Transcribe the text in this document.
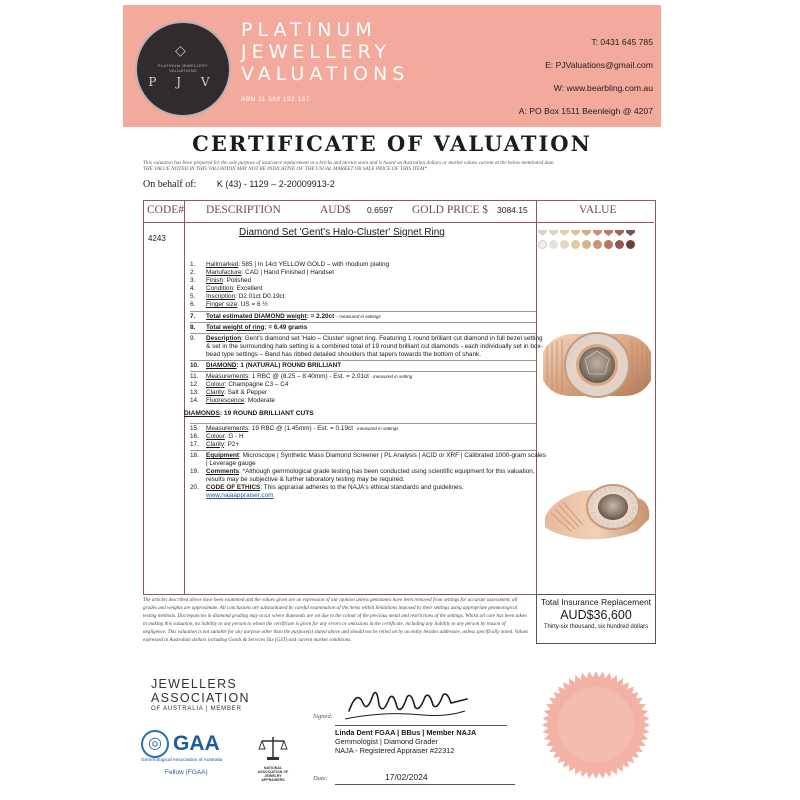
◇
PLATINUM JEWELLERY VALUATIONS
P J V
PLATINUM
JEWELLERY
VALUATIONS
ABN 11 569 192 137
T: 0431 645 785
E: PJValuations@gmail.com
W: www.bearbling.com.au
A: PO Box 1511 Beenleigh @ 4207
CERTIFICATE OF VALUATION
This valuation has been prepared for the sole purpose of insurance replacement at a bricks and mortar store and is based on Australian dollars or market values current at the below mentioned date.
THE VALUE NOTED IN THIS VALUATION MAY NOT BE INDICATIVE OF THE USUAL MARKET OR SALE PRICE OF THIS ITEM*
On behalf of: K (43) - 1129 – 2-20009913-2
CODE# DESCRIPTION	AUD$ 0.6597 GOLD PRICE $ 3084.15	VALUE
4243
Diamond Set 'Gent's Halo-Cluster' Signet Ring
1.	Hallmarked: 585 | In 14ct YELLOW GOLD – with rhodium plating
2.	Manufacture: CAD | Hand Finished | Handset
3.	Finish: Polished
4.	Condition: Excellent
5.	Inscription: D2.01ct D0.19ct
6.	Finger size: US = 6 ½
7.	Total estimated DIAMOND weight: = 2.20ct – measured in settings
8.	Total weight of ring: = 6.49 grams
9.	Description: Gent's diamond set 'Halo – Cluster' signet ring. Featuring 1 round brilliant cut diamond in full bezel setting & set in the surrounding halo setting is a combined total of 19 round brilliant cut diamonds - each individually set in box-bead type settings – Band has ribbed detailed shoulders that tapers towards the bottom of shank.
10.	DIAMOND: 1 (NATURAL) ROUND BRILLIANT
11.	Measurements: 1 RBC @ (8.25 – 8.40mm) - Est. = 2.01ct - measured in setting
12.	Colour: Champagne C3 – C4
13.	Clarity: Salt & Pepper
14.	Fluorescence: Moderate
DIAMONDS: 19 ROUND BRILLIANT CUTS
15.	Measurements: 19 RBC @ (1.45mm) - Est. = 0.19ct - measured in settings
16.	Colour: G - H
17.	Clarity: P2+
18.	Equipment: Microscope | Synthetic Mass Diamond Screener | PL Analysis | ACID or XRF | Calibrated 1000-gram scales | Leverage gauge
19.	Comments: *Although gemmological grade testing has been conducted using scientific equipment for this valuation, results may be subjective & further laboratory testing may be required.
20.	CODE OF ETHICS: This appraisal adheres to the NAJA's ethical standards and guidelines.
www.najaappraiser.com
The articles described above have been examined and the values given are an expression of our opinion unless gemstones have been removed from settings for accurate assessment, all grades and weights are approximate. All conclusions are substantiated by careful examination of the items within limitations imposed by their settings using appropriate gemmological testing methods. Discrepancies in diamond grading may occur where diamonds are set due to the colour of the precious metal and restrictions of the settings. Whilst all care has been taken in making this valuation, no liability to any person to whom the certificate is given for any errors or omissions in the certificate, including any liability to any person by reason of negligence. This valuation is not suitable for any purpose other than the purpose(s) stated above and should not be relied on by an entity besides addressee, unless specifically noted. Values expressed in Australian dollars including Goods & Services Tax (GST) and current market conditions.
Total Insurance Replacement
AUD$36,600
Thirty-six thousand, six hundred dollars
JEWELLERS
ASSOCIATION
OF AUSTRALIA | MEMBER
◎ GAA
Gemmological Association of Australia
Fellow (FGAA)
NATIONAL ASSOCIATION OF JEWELRY APPRAISERS
Signed:
Linda Dent FGAA | BBus | Member NAJA
Gemmologist | Diamond Grader
NAJA - Registered Appraiser #22312
Date:	17/02/2024
